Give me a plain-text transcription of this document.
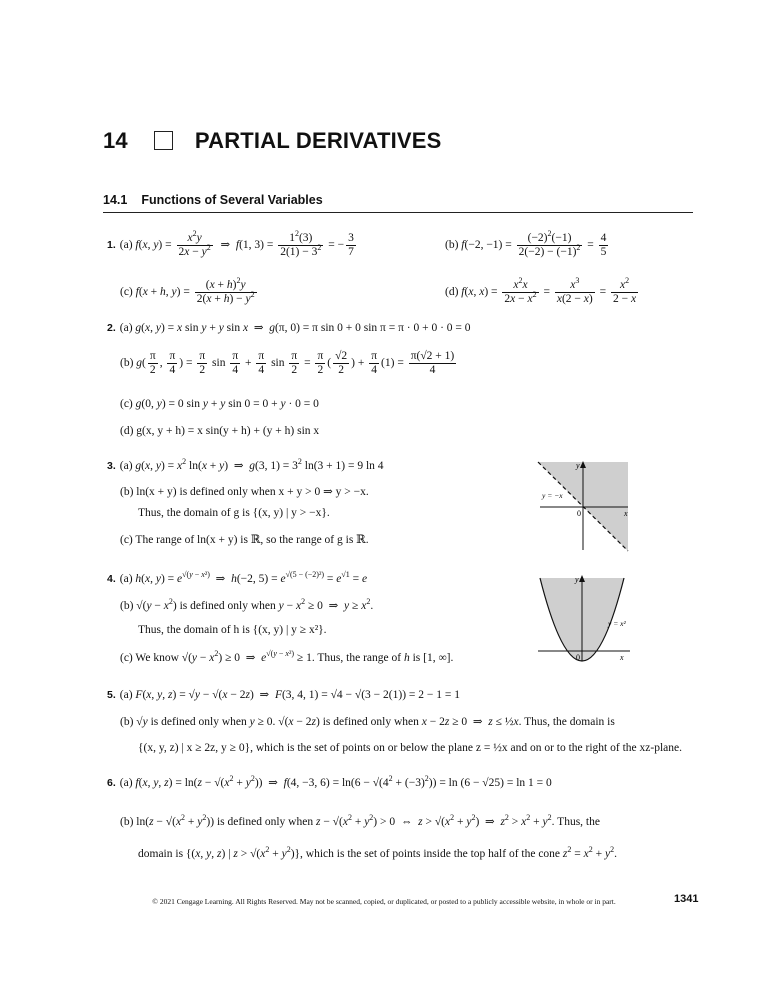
14	PARTIAL DERIVATIVES
14.1 Functions of Several Variables
1. (a) f(x, $y) = \frac{x^2y}{2x - y^2}$ ⇒  f(1, $3) = \frac{1^2(3)}{2(1) - 3^2}$ = − $\frac{3}{7}$	(b) f(−2, $-1) = \frac{(-2)^2(-1)}{2(-2) - (-1)^2} = \frac{4}{5}$
(c) f(x + h, $y) = \frac{(x + h)^2y}{2(x + h) - y^2}$	(d) f(x, $x) = \frac{x^2x}{2x - x^2} = \frac{x^3}{x(2 - x)} = \frac{x^2}{2 - x}$
2. (a) g(x, y) = x sin y + y sin x  ⇒  g(π, 0) = π sin 0 + 0 sin π = π · 0 + 0 · 0 = 0
(b) $g( \frac{\pi}{2}$ , $\frac{\pi}{4}$ ) = $\frac{\pi}{2}$ $\sin \frac{\pi}{4} + \frac{\pi}{4}$ $\sin \frac{\pi}{2} = \frac{\pi}{2}$ ( $\frac{√2}{2}$ ) + $\frac{\pi}{4} (1) = \frac{\pi(√2 + 1)}{4}$
(c) g(0, y) = 0 sin y + y sin 0 = 0 + y · 0 = 0
(d) g(x, y + h) = x sin(y + h) + (y + h) sin x
3. (a) g(x, $y) = x^2$ ln(x + y)  ⇒  g(3, $1) = 3^2$ ln(3 + 1) = 9 ln 4
(b) ln(x + y) is defined only when x + y > 0 ⇒ y > −x.
Thus, the domain of g is {(x, y) | y > −x}.
(c) The range of ln(x + y) is ℝ, so the range of g is ℝ.
y
x
0
y = −x
4. (a) h(x, $y) = e^{√(y - x^2)}$  ⇒  h(−2, $5) = e^{√(5 - (-2)^2)} = e^{√1} = e$
(b) $√(y - x^2)$ is defined only when $y - x^2 \ge 0$  ⇒  $y \ge x^2$.
Thus, the domain of h is {(x, y) | y ≥ x²}.
(c) We know $√(y - x^2) \ge 0$  ⇒  $e^{√(y - x^2)} \ge 1$. Thus, the range of h is [1, ∞].
y
x
0
y = x²
5. (a) F(x, y, z) = √y − √(x − 2z)  ⇒  F(3, 4, 1) = √4 − √(3 − 2(1)) = 2 − 1 = 1
(b) √y is defined only when y ≥ 0. √(x − 2z) is defined only when x − 2z ≥ 0  ⇒  z ≤ ½x. Thus, the domain is
{(x, y, z) | x ≥ 2z, y ≥ 0}, which is the set of points on or below the plane z = ½x and on or to the right of the xz-plane.
6. (a) f(x, y, $z) = \ln(z - √(x^2 + y^2))$  ⇒  f(4, −3, $6) = \ln(6 - √(4^2 + (-3)^2)) = \ln (6 - √25) = \ln 1 = 0$
(b) $\ln(z - √(x^2 + y^2))$ is defined only when $z - √(x^2 + y^2) > 0$  ⇔  $z > √(x^2 + y^2)$  ⇒  $z^2 > x^2 + y^2$. Thus, the
domain is {(x, y, z) | $z > √(x^2 + y^2)$}, which is the set of points inside the top half of the cone $z^2 = x^2 + y^2$.
© 2021 Cengage Learning. All Rights Reserved. May not be scanned, copied, or duplicated, or posted to a publicly accessible website, in whole or in part.	1341
